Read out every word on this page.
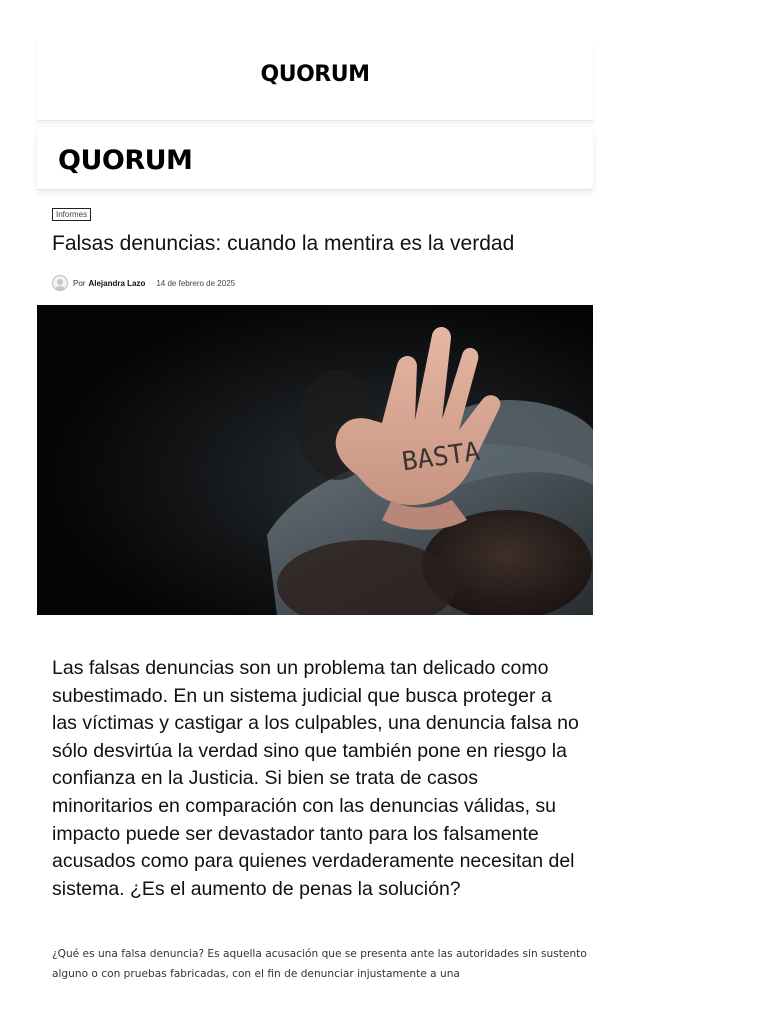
QUORUM
QUORUM
Informes
Falsas denuncias: cuando la mentira es la verdad
Por Alejandra Lazo 14 de febrero de 2025
BASTA

Las falsas denuncias son un problema tan delicado como subestimado. En un sistema judicial que busca proteger a las víctimas y castigar a los culpables, una denuncia falsa no sólo desvirtúa la verdad sino que también pone en riesgo la confianza en la Justicia. Si bien se trata de casos minoritarios en comparación con las denuncias válidas, su impacto puede ser devastador tanto para los falsamente acusados como para quienes verdaderamente necesitan del sistema. ¿Es el aumento de penas la solución?

¿Qué es una falsa denuncia? Es aquella acusación que se presenta ante las autoridades sin sustento alguno o con pruebas fabricadas, con el fin de denunciar injustamente a una
